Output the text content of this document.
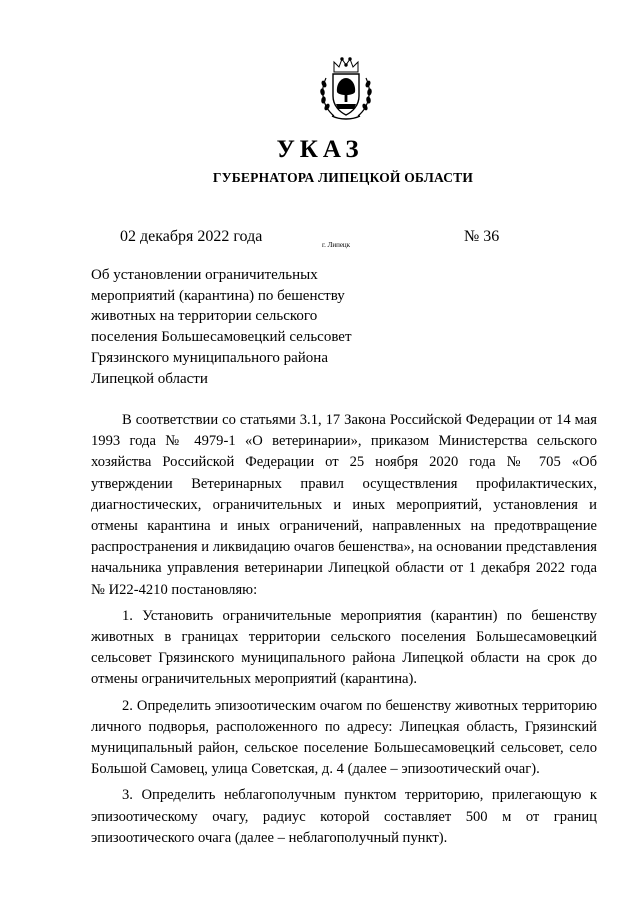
УКАЗ
ГУБЕРНАТОРА ЛИПЕЦКОЙ ОБЛАСТИ
02 декабря 2022 года	г. Липецк	№ 36
Об установлении ограничительных
мероприятий (карантина) по бешенству
животных на территории сельского
поселения Большесамовецкий сельсовет
Грязинского муниципального района
Липецкой области

В соответствии со статьями 3.1, 17 Закона Российской Федерации от 14 мая 1993 года № 4979-1 «О ветеринарии», приказом Министерства сельского хозяйства Российской Федерации от 25 ноября 2020 года № 705 «Об утверждении Ветеринарных правил осуществления профилактических, диагностических, ограничительных и иных мероприятий, установления и отмены карантина и иных ограничений, направленных на предотвращение распространения и ликвидацию очагов бешенства», на основании представления начальника управления ветеринарии Липецкой области от 1 декабря 2022 года № И22-4210 постановляю:

1. Установить ограничительные мероприятия (карантин) по бешенству животных в границах территории сельского поселения Большесамовецкий сельсовет Грязинского муниципального района Липецкой области на срок до отмены ограничительных мероприятий (карантина).

2. Определить эпизоотическим очагом по бешенству животных территорию личного подворья, расположенного по адресу: Липецкая область, Грязинский муниципальный район, сельское поселение Большесамовецкий сельсовет, село Большой Самовец, улица Советская, д. 4 (далее – эпизоотический очаг).

3. Определить неблагополучным пунктом территорию, прилегающую к эпизоотическому очагу, радиус которой составляет 500 м от границ эпизоотического очага (далее – неблагополучный пункт).
